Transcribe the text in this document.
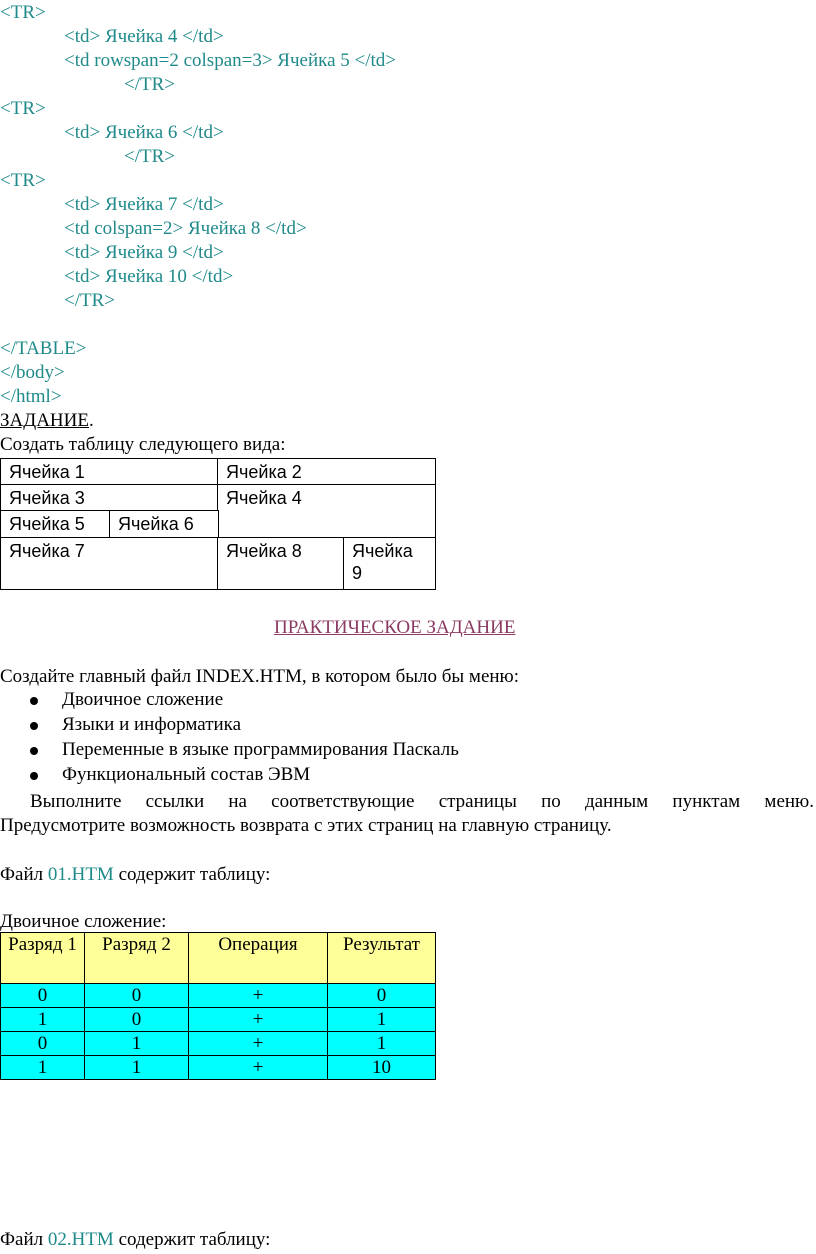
<TR>
<td> Ячейка 4 </td>
<td rowspan=2 colspan=3> Ячейка 5 </td>
</TR>
<TR>
<td> Ячейка 6 </td>
</TR>
<TR>
<td> Ячейка 7 </td>
<td colspan=2> Ячейка 8 </td>
<td> Ячейка 9 </td>
<td> Ячейка 10 </td>
</TR>
</TABLE>
</body>
</html>
ЗАДАНИЕ.
Создать таблицу следующего вида:
Ячейка 1	Ячейка 2
Ячейка 3	Ячейка 4
Ячейка 5	Ячейка 6
Ячейка 7	Ячейка 8	Ячейка
9
ПРАКТИЧЕСКОЕ ЗАДАНИЕ
Создайте главный файл INDEX.HTM, в котором было бы меню:
Двоичное сложение
Языки и информатика
Переменные в языке программирования Паскаль
Функциональный состав ЭВМ
Выполните ссылки на соответствующие страницы по данным пунктам меню.
Предусмотрите возможность возврата с этих страниц на главную страницу.
Файл 01.HTM содержит таблицу:
Двоичное сложение:
Разряд 1	Разряд 2	Операция	Результат
0	0	+	0
1	0	+	1
0	1	+	1
1	1	+	10
Файл 02.HTM содержит таблицу:
